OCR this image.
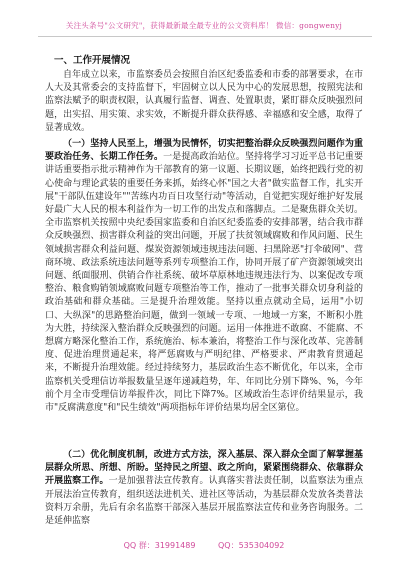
关注头条号"公文研究"，获得最新最全最专业的公文资料库！ 微信：gongwenyj
一、工作开展情况
自年成立以来，市监察委员会按照自治区纪委监委和市委的部署要求，在市人大及其常委会的支持监督下，牢固树立以人民为中心的发展思想，按照宪法和监察法赋予的职责权限，认真履行监督、调查、处置职责，紧盯群众反映强烈问题，出实招、用实策、求实效，不断提升群众获得感、幸福感和安全感，取得了显著成效。
（一）坚持人民至上，增强为民情怀，切实把整治群众反映强烈问题作为重要政治任务、长期工作任务。一是提高政治站位。坚持将学习习近平总书记重要讲话重要指示批示精神作为干部教育的第一议题、长期议题，始终把践行党的初心使命与理论武装的重要任务来抓，始终心怀"国之大者"做实监督工作，扎实开展"干部队伍建设年""苦练内功百日攻坚行动"等活动，自觉把实现好维护好发展好最广大人民的根本利益作为一切工作的出发点和落脚点。二是聚焦群众关切。全市监察机关按照中央纪委国家监委和自治区纪委监委的安排部署，结合我市群众反映强烈、损害群众利益的突出问题，开展了扶贫领域腐败和作风问题、民生领域损害群众利益问题、煤炭资源领域违规违法问题、扫黑除恶"打伞破网"、营商环境、政法系统违法问题等系列专项整治工作，协同开展了矿产资源领域突出问题、纸面服刑、供销合作社系统、破坏草原林地违规违法行为、以案促改专项整治、粮食购销领域腐败问题专项整治等工作，推动了一批事关群众切身利益的政治基础和群众基础。三是提升治理效能。坚持以重点就动全局，运用"小切口、大纵深"的思路整治问题，做到一领域一专项、一地域一方案，不断积小胜为大胜，持续深入整治群众反映强烈的问题。运用一体推进不敢腐、不能腐、不想腐方略深化整治工作，系统施治、标本兼治，将整治工作与深化改革、完善制度、促进治理贯通起来，将严惩腐败与严明纪律、严格要求、严肃教育贯通起来，不断提升治理效能。经过持续努力，基层政治生态不断优化，年以来，全市监察机关受理信访举报数量呈逐年递减趋势，年、年同比分别下降%、%，今年前个月全市受理信访举报件次，同比下降7%。区域政治生态评价结果显示，我市"反腐满意度"和"民生绩效"两项指标年评价结果均居全区第位。
（二）优化制度机制，改进方式方法，深入基层、深入群众全面了解掌握基层群众所思、所想、所盼。坚持民之所望、政之所向，紧紧围绕群众、依靠群众开展监察工作。一是加强普法宣传教育。认真落实普法责任制，以监察法为重点开展法治宣传教育，组织送法进机关、进社区等活动，为基层群众发放各类普法资料万余册，先后有余名监察干部深入基层开展监察法宣传和业务咨询服务。二是延伸监察
QQ 群：31991489	QQ：535304092
